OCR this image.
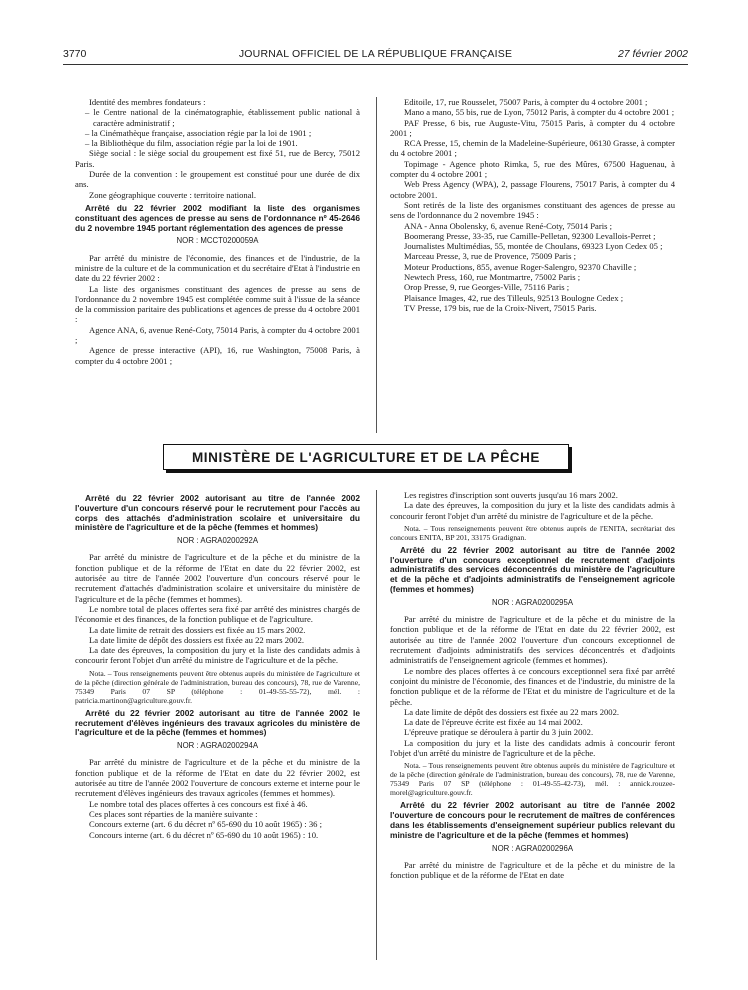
3770	JOURNAL OFFICIEL DE LA RÉPUBLIQUE FRANÇAISE	27 février 2002

Identité des membres fondateurs :

– le Centre national de la cinématographie, établissement public national à caractère administratif ;

– la Cinémathèque française, association régie par la loi de 1901 ;

– la Bibliothèque du film, association régie par la loi de 1901.

Siège social : le siège social du groupement est fixé 51, rue de Bercy, 75012 Paris.

Durée de la convention : le groupement est constitué pour une durée de dix ans.

Zone géographique couverte : territoire national.

Arrêté du 22 février 2002 modifiant la liste des organismes constituant des agences de presse au sens de l'ordonnance nº 45-2646 du 2 novembre 1945 portant réglementation des agences de presse

NOR : MCCT0200059A

Par arrêté du ministre de l'économie, des finances et de l'industrie, de la ministre de la culture et de la communication et du secrétaire d'Etat à l'industrie en date du 22 février 2002 :

La liste des organismes constituant des agences de presse au sens de l'ordonnance du 2 novembre 1945 est complétée comme suit à l'issue de la séance de la commission paritaire des publications et agences de presse du 4 octobre 2001 :

Agence ANA, 6, avenue René-Coty, 75014 Paris, à compter du 4 octobre 2001 ;

Agence de presse interactive (API), 16, rue Washington, 75008 Paris, à compter du 4 octobre 2001 ;

Editoile, 17, rue Rousselet, 75007 Paris, à compter du 4 octobre 2001 ;

Mano a mano, 55 bis, rue de Lyon, 75012 Paris, à compter du 4 octobre 2001 ;

PAF Presse, 6 bis, rue Auguste-Vitu, 75015 Paris, à compter du 4 octobre 2001 ;

RCA Presse, 15, chemin de la Madeleine-Supérieure, 06130 Grasse, à compter du 4 octobre 2001 ;

Topimage - Agence photo Rimka, 5, rue des Mûres, 67500 Haguenau, à compter du 4 octobre 2001 ;

Web Press Agency (WPA), 2, passage Flourens, 75017 Paris, à compter du 4 octobre 2001.

Sont retirés de la liste des organismes constituant des agences de presse au sens de l'ordonnance du 2 novembre 1945 :

ANA - Anna Obolensky, 6, avenue René-Coty, 75014 Paris ;

Boomerang Presse, 33-35, rue Camille-Pelletan, 92300 Levallois-Perret ;

Journalistes Multimédias, 55, montée de Choulans, 69323 Lyon Cedex 05 ;

Marceau Presse, 3, rue de Provence, 75009 Paris ;

Moteur Productions, 855, avenue Roger-Salengro, 92370 Chaville ;

Newtech Press, 160, rue Montmartre, 75002 Paris ;

Orop Presse, 9, rue Georges-Ville, 75116 Paris ;

Plaisance Images, 42, rue des Tilleuls, 92513 Boulogne Cedex ;

TV Presse, 179 bis, rue de la Croix-Nivert, 75015 Paris.

MINISTÈRE DE L'AGRICULTURE ET DE LA PÊCHE

Arrêté du 22 février 2002 autorisant au titre de l'année 2002 l'ouverture d'un concours réservé pour le recrutement pour l'accès au corps des attachés d'administration scolaire et universitaire du ministère de l'agriculture et de la pêche (femmes et hommes)

NOR : AGRA0200292A

Par arrêté du ministre de l'agriculture et de la pêche et du ministre de la fonction publique et de la réforme de l'Etat en date du 22 février 2002, est autorisée au titre de l'année 2002 l'ouverture d'un concours réservé pour le recrutement d'attachés d'administration scolaire et universitaire du ministère de l'agriculture et de la pêche (femmes et hommes).

Le nombre total de places offertes sera fixé par arrêté des ministres chargés de l'économie et des finances, de la fonction publique et de l'agriculture.

La date limite de retrait des dossiers est fixée au 15 mars 2002.

La date limite de dépôt des dossiers est fixée au 22 mars 2002.

La date des épreuves, la composition du jury et la liste des candidats admis à concourir feront l'objet d'un arrêté du ministre de l'agriculture et de la pêche.

Nota. – Tous renseignements peuvent être obtenus auprès du ministère de l'agriculture et de la pêche (direction générale de l'administration, bureau des concours), 78, rue de Varenne, 75349 Paris 07 SP (téléphone : 01-49-55-55-72), mél. : patricia.martinon@agriculture.gouv.fr.

Arrêté du 22 février 2002 autorisant au titre de l'année 2002 le recrutement d'élèves ingénieurs des travaux agricoles du ministère de l'agriculture et de la pêche (femmes et hommes)

NOR : AGRA0200294A

Par arrêté du ministre de l'agriculture et de la pêche et du ministre de la fonction publique et de la réforme de l'Etat en date du 22 février 2002, est autorisée au titre de l'année 2002 l'ouverture de concours externe et interne pour le recrutement d'élèves ingénieurs des travaux agricoles (femmes et hommes).

Le nombre total des places offertes à ces concours est fixé à 46.

Ces places sont réparties de la manière suivante :

Concours externe (art. 6 du décret nº 65-690 du 10 août 1965) : 36 ;

Concours interne (art. 6 du décret nº 65-690 du 10 août 1965) : 10.

Les registres d'inscription sont ouverts jusqu'au 16 mars 2002.

La date des épreuves, la composition du jury et la liste des candidats admis à concourir feront l'objet d'un arrêté du ministre de l'agriculture et de la pêche.

Nota. – Tous renseignements peuvent être obtenus auprès de l'ENITA, secrétariat des concours ENITA, BP 201, 33175 Gradignan.

Arrêté du 22 février 2002 autorisant au titre de l'année 2002 l'ouverture d'un concours exceptionnel de recrutement d'adjoints administratifs des services déconcentrés du ministère de l'agriculture et de la pêche et d'adjoints administratifs de l'enseignement agricole (femmes et hommes)

NOR : AGRA0200295A

Par arrêté du ministre de l'agriculture et de la pêche et du ministre de la fonction publique et de la réforme de l'Etat en date du 22 février 2002, est autorisée au titre de l'année 2002 l'ouverture d'un concours exceptionnel de recrutement d'adjoints administratifs des services déconcentrés et d'adjoints administratifs de l'enseignement agricole (femmes et hommes).

Le nombre des places offertes à ce concours exceptionnel sera fixé par arrêté conjoint du ministre de l'économie, des finances et de l'industrie, du ministre de la fonction publique et de la réforme de l'Etat et du ministre de l'agriculture et de la pêche.

La date limite de dépôt des dossiers est fixée au 22 mars 2002.

La date de l'épreuve écrite est fixée au 14 mai 2002.

L'épreuve pratique se déroulera à partir du 3 juin 2002.

La composition du jury et la liste des candidats admis à concourir feront l'objet d'un arrêté du ministre de l'agriculture et de la pêche.

Nota. – Tous renseignements peuvent être obtenus auprès du ministère de l'agriculture et de la pêche (direction générale de l'administration, bureau des concours), 78, rue de Varenne, 75349 Paris 07 SP (téléphone : 01-49-55-42-73), mél. : annick.rouzee-morel@agriculture.gouv.fr.

Arrêté du 22 février 2002 autorisant au titre de l'année 2002 l'ouverture de concours pour le recrutement de maîtres de conférences dans les établissements d'enseignement supérieur publics relevant du ministre de l'agriculture et de la pêche (femmes et hommes)

NOR : AGRA0200296A

Par arrêté du ministre de l'agriculture et de la pêche et du ministre de la fonction publique et de la réforme de l'Etat en date
